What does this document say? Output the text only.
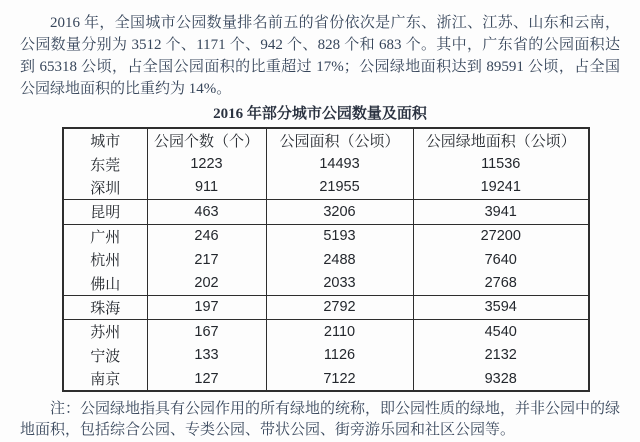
2016 年，全国城市公园数量排名前五的省份依次是广东、浙江、江苏、山东和云南，公园数量分别为 3512 个、1171 个、942 个、828 个和 683 个。其中，广东省的公园面积达到 65318 公顷，占全国公园面积的比重超过 17%；公园绿地面积达到 89591 公顷，占全国公园绿地面积的比重约为 14%。

2016 年部分城市公园数量及面积
城市	公园个数（个）	公园面积（公顷）	公园绿地面积（公顷）
东莞	1223	14493	11536
深圳	911	21955	19241
昆明	463	3206	3941
广州	246	5193	27200
杭州	217	2488	7640
佛山	202	2033	2768
珠海	197	2792	3594
苏州	167	2110	4540
宁波	133	1126	2132
南京	127	7122	9328

注：公园绿地指具有公园作用的所有绿地的统称，即公园性质的绿地，并非公园中的绿地面积，包括综合公园、专类公园、带状公园、街旁游乐园和社区公园等。
